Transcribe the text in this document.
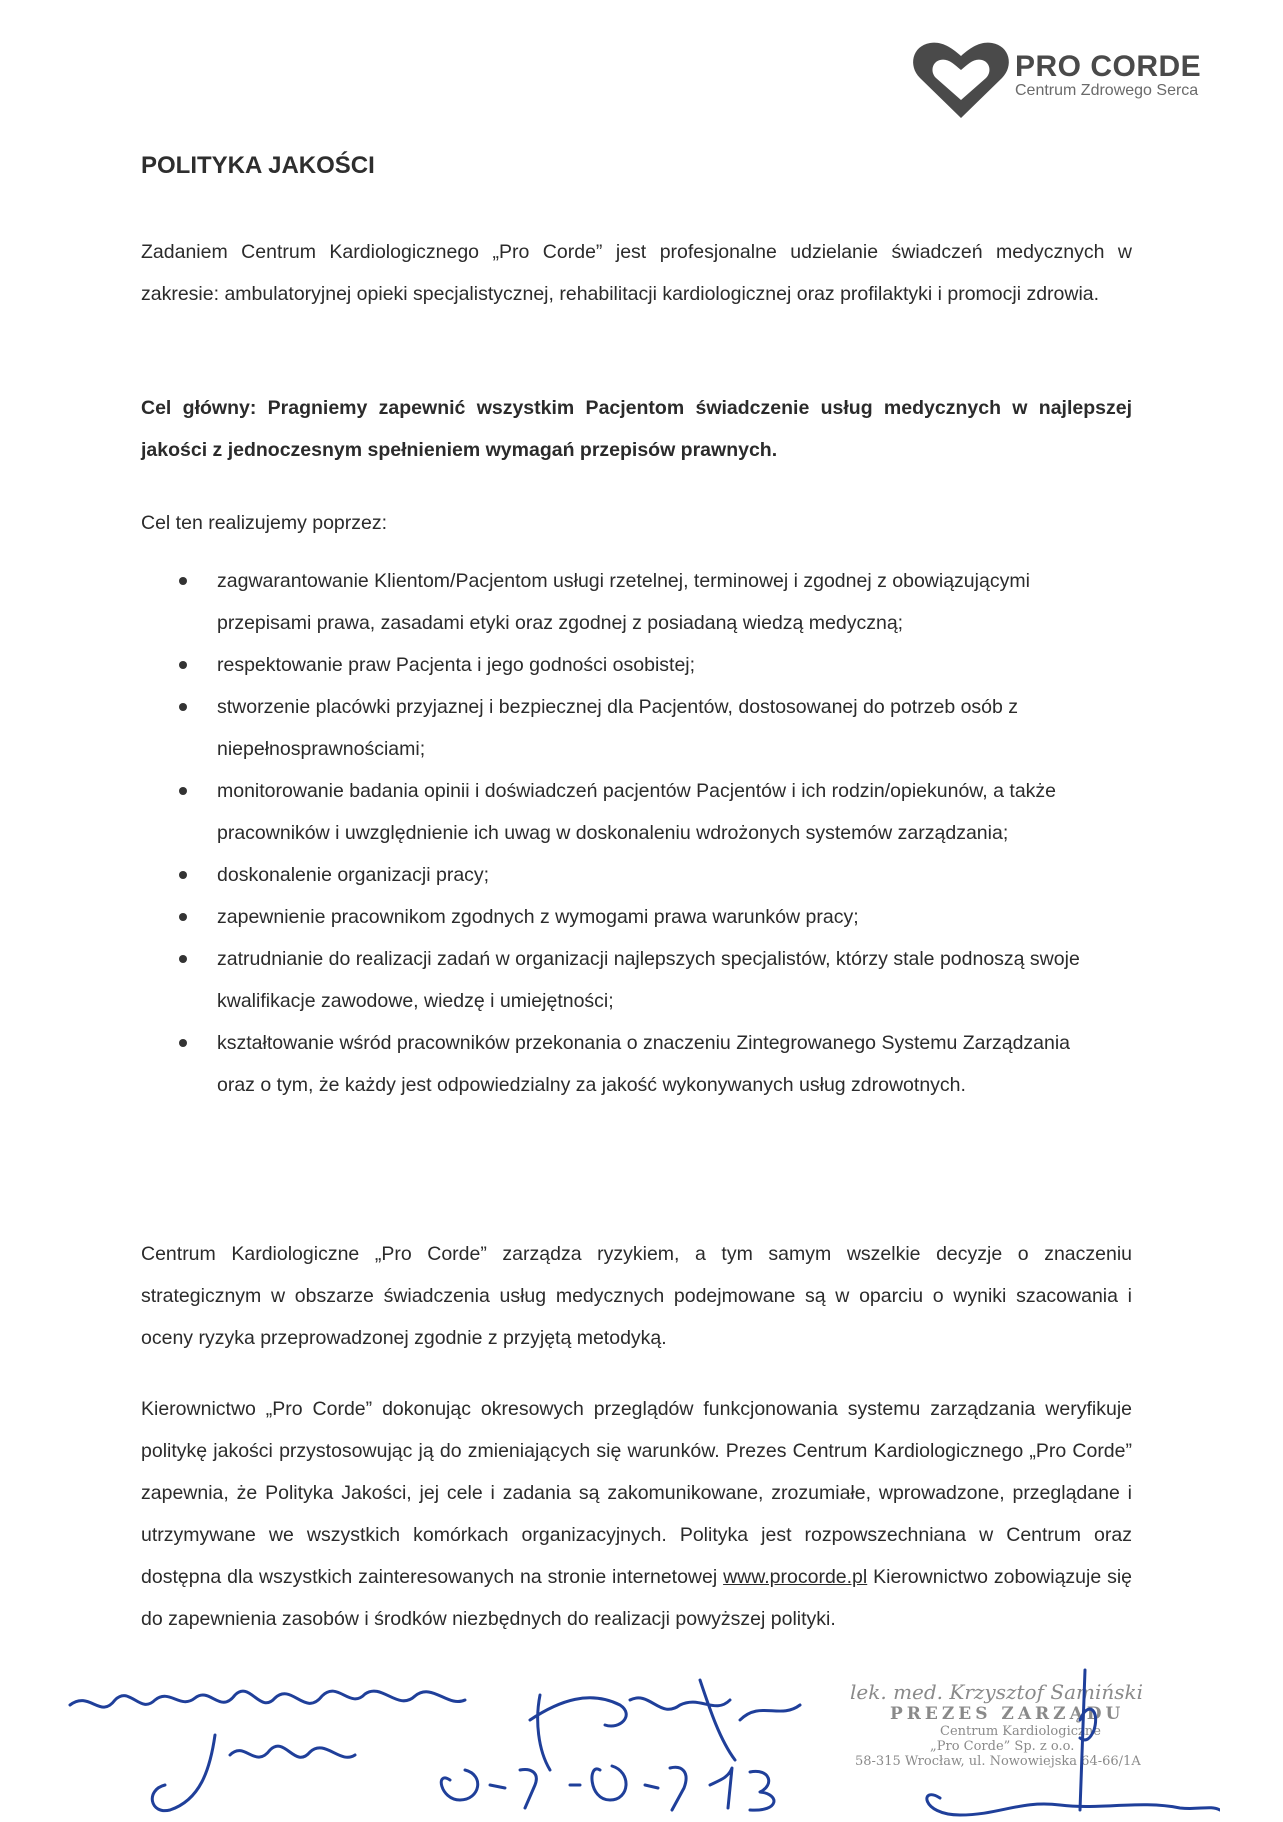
PRO CORDE
Centrum Zdrowego Serca
POLITYKA JAKOŚCI

Zadaniem Centrum Kardiologicznego „Pro Corde” jest profesjonalne udzielanie świadczeń medycznych w zakresie: ambulatoryjnej opieki specjalistycznej, rehabilitacji kardiologicznej oraz profilaktyki i promocji zdrowia.

Cel główny: Pragniemy zapewnić wszystkim Pacjentom świadczenie usług medycznych w najlepszej jakości z jednoczesnym spełnieniem wymagań przepisów prawnych.

Cel ten realizujemy poprzez:

zagwarantowanie Klientom/Pacjentom usługi rzetelnej, terminowej i zgodnej z obowiązującymi przepisami prawa, zasadami etyki oraz zgodnej z posiadaną wiedzą medyczną;
respektowanie praw Pacjenta i jego godności osobistej;
stworzenie placówki przyjaznej i bezpiecznej dla Pacjentów, dostosowanej do potrzeb osób z niepełnosprawnościami;
monitorowanie badania opinii i doświadczeń pacjentów Pacjentów i ich rodzin/opiekunów, a także pracowników i uwzględnienie ich uwag w doskonaleniu wdrożonych systemów zarządzania;
doskonalenie organizacji pracy;
zapewnienie pracownikom zgodnych z wymogami prawa warunków pracy;
zatrudnianie do realizacji zadań w organizacji najlepszych specjalistów, którzy stale podnoszą swoje kwalifikacje zawodowe, wiedzę i umiejętności;
kształtowanie wśród pracowników przekonania o znaczeniu Zintegrowanego Systemu Zarządzania oraz o tym, że każdy jest odpowiedzialny za jakość wykonywanych usług zdrowotnych.

Centrum Kardiologiczne „Pro Corde” zarządza ryzykiem, a tym samym wszelkie decyzje o znaczeniu strategicznym w obszarze świadczenia usług medycznych podejmowane są w oparciu o wyniki szacowania i oceny ryzyka przeprowadzonej zgodnie z przyjętą metodyką.

Kierownictwo „Pro Corde” dokonując okresowych przeglądów funkcjonowania systemu zarządzania weryfikuje politykę jakości przystosowując ją do zmieniających się warunków. Prezes Centrum Kardiologicznego „Pro Corde” zapewnia, że Polityka Jakości, jej cele i zadania są zakomunikowane, zrozumiałe, wprowadzone, przeglądane i utrzymywane we wszystkich komórkach organizacyjnych. Polityka jest rozpowszechniana w Centrum oraz dostępna dla wszystkich zainteresowanych na stronie internetowej www.procorde.pl Kierownictwo zobowiązuje się do zapewnienia zasobów i środków niezbędnych do realizacji powyższej polityki.

lek. med. Krzysztof Samiński
PREZES ZARZĄDU
Centrum Kardiologiczne
„Pro Corde” Sp. z o.o.
58-315 Wrocław, ul. Nowowiejska 64-66/1A
